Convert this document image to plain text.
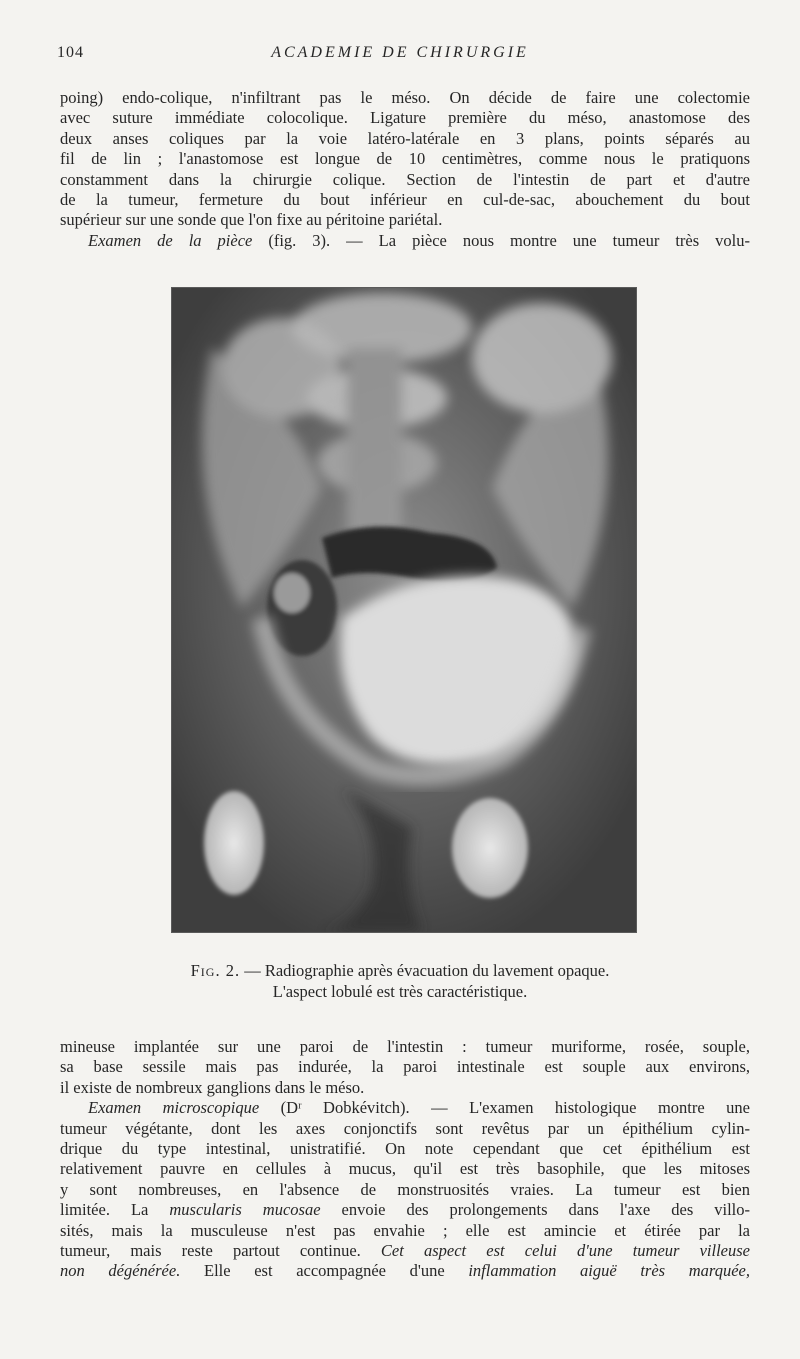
104	ACADEMIE DE CHIRURGIE
poing) endo-colique, n'infiltrant pas le méso. On décide de faire une colectomie
avec suture immédiate colocolique. Ligature première du méso, anastomose des
deux anses coliques par la voie latéro-latérale en 3 plans, points séparés au
fil de lin ; l'anastomose est longue de 10 centimètres, comme nous le pratiquons
constamment dans la chirurgie colique. Section de l'intestin de part et d'autre
de la tumeur, fermeture du bout inférieur en cul-de-sac, abouchement du bout
supérieur sur une sonde que l'on fixe au péritoine pariétal.
Examen de la pièce (fig. 3). — La pièce nous montre une tumeur très volu-
Fig. 2. — Radiographie après évacuation du lavement opaque.
L'aspect lobulé est très caractéristique.
mineuse implantée sur une paroi de l'intestin : tumeur muriforme, rosée, souple,
sa base sessile mais pas indurée, la paroi intestinale est souple aux environs,
il existe de nombreux ganglions dans le méso.
Examen microscopique (Dʳ Dobkévitch). — L'examen histologique montre une
tumeur végétante, dont les axes conjonctifs sont revêtus par un épithélium cylin-
drique du type intestinal, unistratifié. On note cependant que cet épithélium est
relativement pauvre en cellules à mucus, qu'il est très basophile, que les mitoses
y sont nombreuses, en l'absence de monstruosités vraies. La tumeur est bien
limitée. La muscularis mucosae envoie des prolongements dans l'axe des villo-
sités, mais la musculeuse n'est pas envahie ; elle est amincie et étirée par la
tumeur, mais reste partout continue. Cet aspect est celui d'une tumeur villeuse
non dégénérée. Elle est accompagnée d'une inflammation aiguë très marquée,
